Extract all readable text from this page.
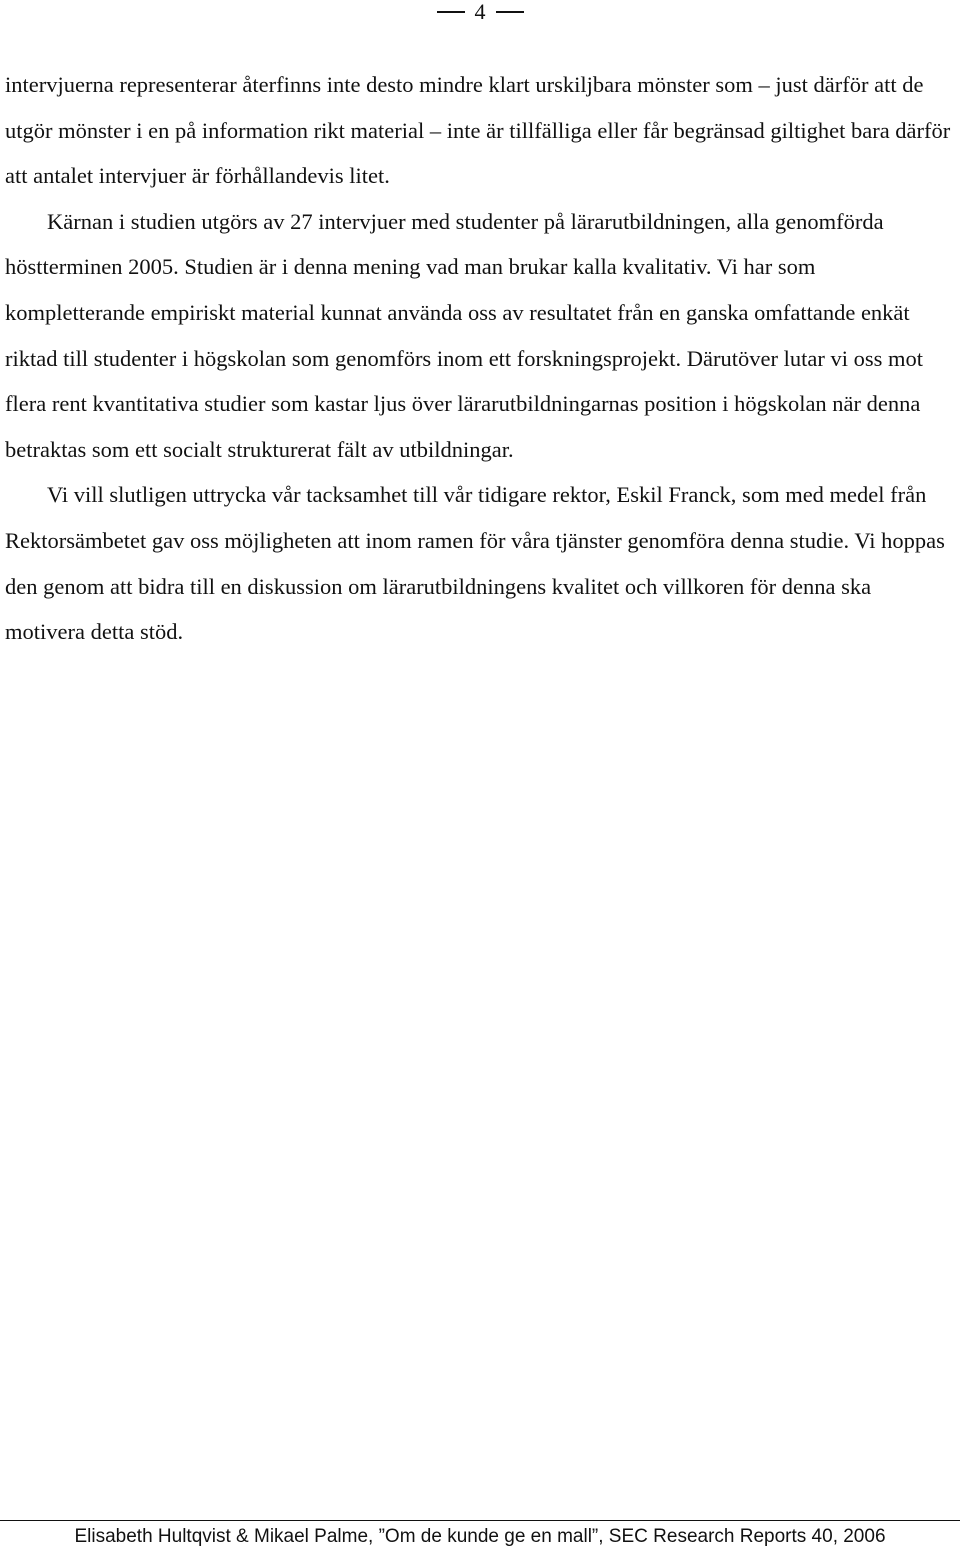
4

intervjuerna representerar återfinns inte desto mindre klart urskiljbara mönster som – just därför att de utgör mönster i en på information rikt material – inte är tillfälliga eller får begränsad giltighet bara därför att antalet intervjuer är förhållandevis litet.

Kärnan i studien utgörs av 27 intervjuer med studenter på lärarutbildningen, alla genomförda höstterminen 2005. Studien är i denna mening vad man brukar kalla kvalitativ. Vi har som kompletterande empiriskt material kunnat använda oss av resultatet från en ganska omfattande enkät riktad till studenter i högskolan som genomförs inom ett forskningsprojekt. Därutöver lutar vi oss mot flera rent kvantitativa studier som kastar ljus över lärarutbildningarnas position i högskolan när denna betraktas som ett socialt strukturerat fält av utbildningar.

Vi vill slutligen uttrycka vår tacksamhet till vår tidigare rektor, Eskil Franck, som med medel från Rektorsämbetet gav oss möjligheten att inom ramen för våra tjänster genomföra denna studie. Vi hoppas den genom att bidra till en diskussion om lärarutbildningens kvalitet och villkoren för denna ska motivera detta stöd.

Elisabeth Hultqvist & Mikael Palme, ”Om de kunde ge en mall”, SEC Research Reports 40, 2006
